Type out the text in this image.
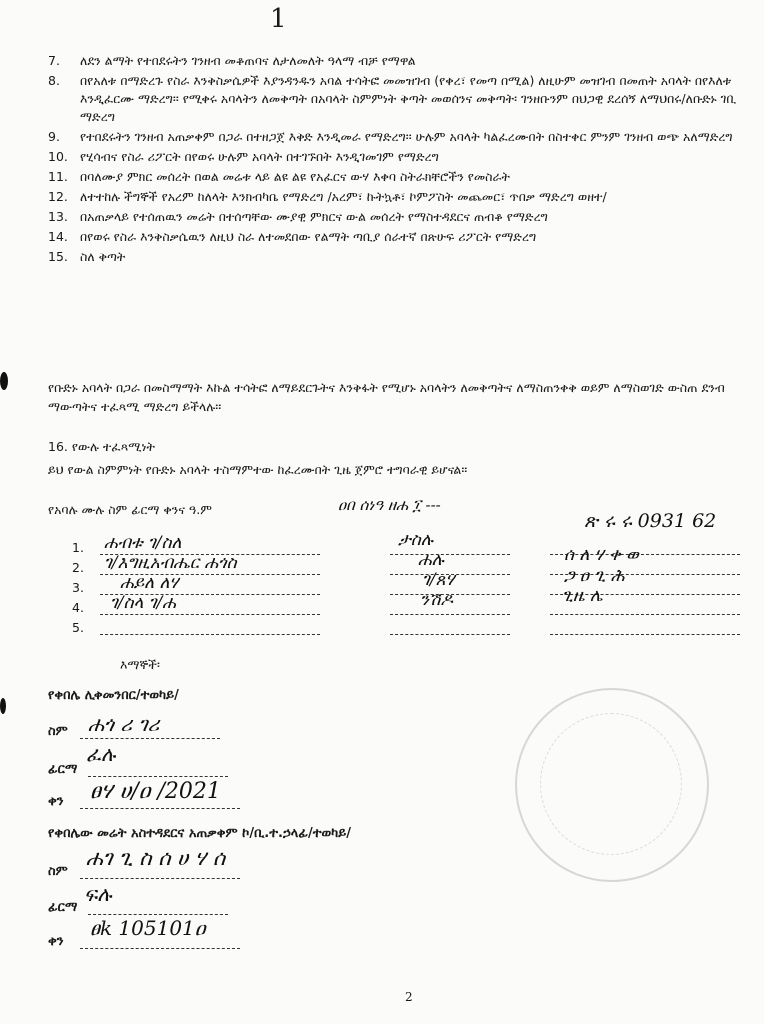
1
7. ለደን ልማት የተበደሩትን ገንዘብ መቆጠባና ለታለመለት ዓላማ ብቻ የማዋል
8. በየአለቱ በማድረጉ የስራ እንቅስቃሴዎች እያንዳንዱን አባል ተሳትፎ መመዝገብ (የቀረ፣ የመጣ በሚል) ለዚሁም መዝገብ በመጠት አባላት በየእለቱ እንዲፈርሙ ማድረግ፡፡ የሚቀሩ አባላትን ለመቅጣት በአባላት ስምምነት ቅጣት መወሰንና መቅጣት፡ ገንዘቡንም በህጋዊ ደረሰኝ ለማህበሩ/ለቡድኑ ገቢ ማድረግ
9. የተበደሩትን ገንዘብ አጠቃቀም በጋራ በተዘጋጀ እቅድ እንዲመራ የማድረግ፡፡ ሁሉም አባላት ካልፈረሙበት በስተቀር ምንም ገንዘብ ወጭ አለማድረግ
10. የሂሳብና የስራ ሪፖርት በየወሩ ሁሉም አባላት በተገኙበት እንዲገመገም የማድረግ
11. በባለሙያ ምክር መሰረት በወል መሬቱ ላይ ልዩ ልዩ የአፈርና ውሃ እቀባ ስትራክቸሮችን የመስራት
12. ለተተከሉ ችግኞች የአረም ከለላት እንክብካቤ የማድረግ /አረም፣ ኩትኳቶ፣ ኮምፖስት መጨመር፣ ጥበቃ ማድረግ ወዘተ/
13. በአጠቃላይ የተሰጠዉን መሬት በተሰጣቸው ሙያዊ ምክርና ውል መሰረት የማስተዳደርና ጠብቆ የማድረግ
14. በየወሩ የስራ እንቅስቃሴዉን ለዚህ ስራ ለተመደበው የልማት ጣቢያ ሰራተኛ በጽሁፍ ሪፖርት የማድረግ
15. ስለ ቅጣት
የቡድኑ አባላት በጋራ በመስማማት እኩል ተሳትፎ ለማይደርጉትና እንቅፋት የሚሆኑ አባላትን ለመቅጣትና ለማስጠንቀቅ ወይም ለማስወገድ ውስጠ ደንብ ማውጣትና ተፈጻሚ ማድረግ ይችላሉ፡፡
16. የውሉ ተፈጻሚነት
ይህ የውል ስምምነት የቡድኑ አባላት ተስማምተው ከፈረሙበት ጊዜ ጀምሮ ተግባራዊ ይሆናል፡፡
የአባሉ ሙሉ ስም ፊርማ ቀንና ዓ.ም	ዐበ ሰነዓ ዘሐ ፲ ---
1.
2.
3.
4.
5.
ሐብቱ ገ/ስለ
ገ/እግዚአብሔር ሐጎስ
ሐይለ ለሃ
ገ/ስላ ገ/ሐ
ታስሉ
ሐሉ
ገ/ጸሃ
ንሽዶ
ጽ ሩ ሩ 0931 62
ሰ ለ ሃ ቀ ወ
ጋ ዐ ጊ ሕ
ጊዜ ሌ
እማኞች፡
የቀበሌ ሊቀመንበር/ተወካይ/
ስም ሐጎ ሪ ገሪ
ፊርማ
ፈሉ
ቀን ፀሃ ሀ/ዐ /2021
የቀበሌው መሬት አስተዳደርና አጠቃቀም ኮ/ቢ.ተ.ኃላፊ/ተወካይ/
ስም
ሐገ ጊ ስ ሰ ሀ ሃ ሰ
ፊርማ
ፍሉ
ቀን
ፀk 105101ዐ
2
